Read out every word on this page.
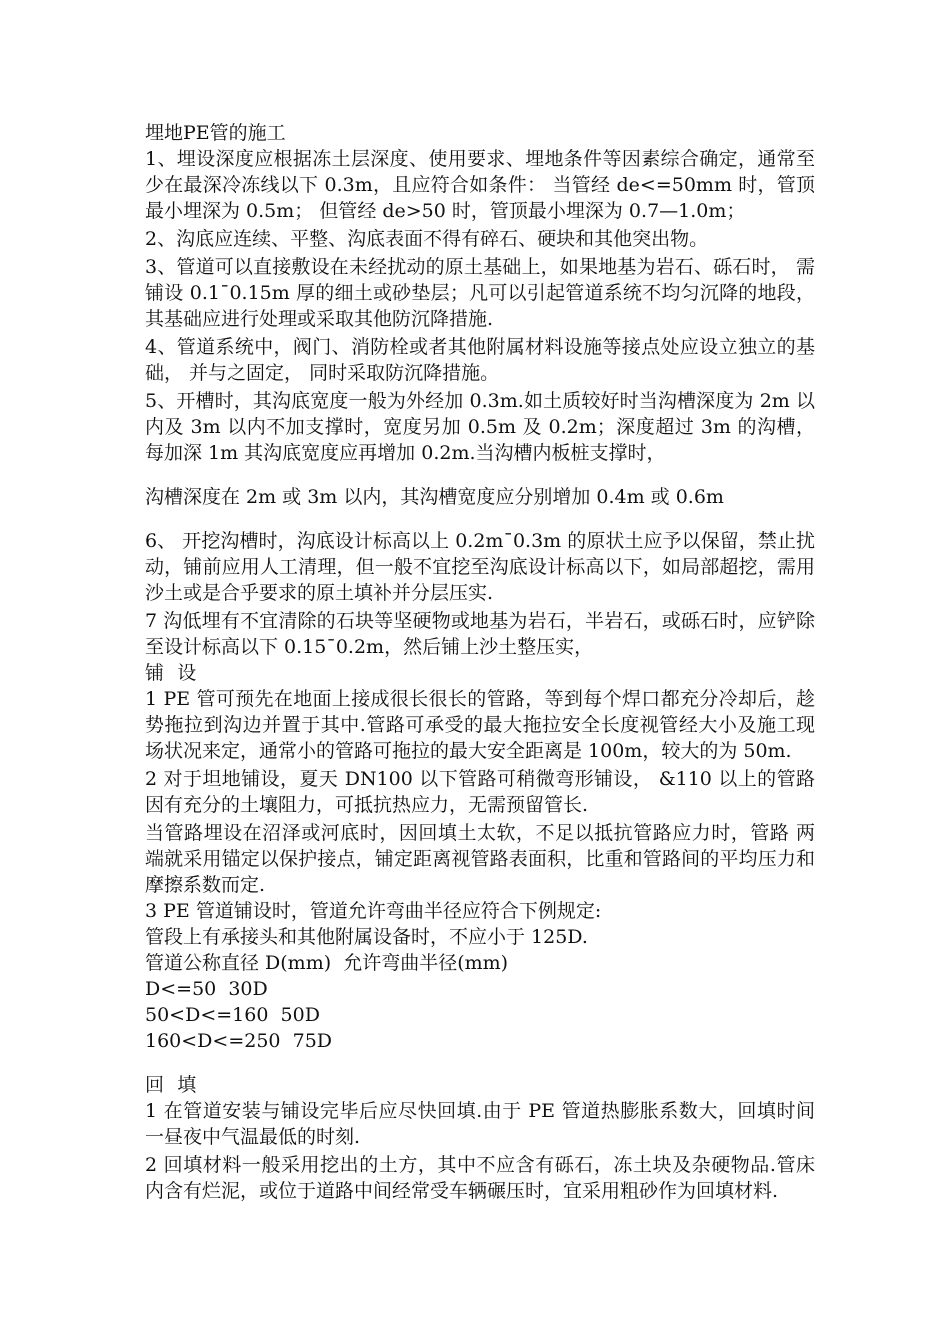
埋地PE管的施工

1、埋设深度应根据冻土层深度、使用要求、埋地条件等因素综合确定，通常至少在最深冷冻线以下 0.3m，且应符合如条件： 当管经 de<=50mm 时，管顶最小埋深为 0.5m； 但管经 de>50 时，管顶最小埋深为 0.7—1.0m；

2、沟底应连续、平整、沟底表面不得有碎石、硬块和其他突出物。

3、管道可以直接敷设在未经扰动的原土基础上，如果地基为岩石、砾石时， 需铺设 0.1¯0.15m 厚的细土或砂垫层；凡可以引起管道系统不均匀沉降的地段，其基础应进行处理或采取其他防沉降措施.

4、管道系统中，阀门、消防栓或者其他附属材料设施等接点处应设立独立的基础， 并与之固定， 同时采取防沉降措施。

5、开槽时，其沟底宽度一般为外经加 0.3m.如土质较好时当沟槽深度为 2m 以内及 3m 以内不加支撑时，宽度另加 0.5m 及 0.2m；深度超过 3m 的沟槽，每加深 1m 其沟底宽度应再增加 0.2m.当沟槽内板桩支撑时，

沟槽深度在 2m 或 3m 以内，其沟槽宽度应分别增加 0.4m 或 0.6m

6、 开挖沟槽时，沟底设计标高以上 0.2m¯0.3m 的原状土应予以保留，禁止扰动，铺前应用人工清理，但一般不宜挖至沟底设计标高以下，如局部超挖，需用沙土或是合乎要求的原土填补并分层压实.

7 沟低埋有不宜清除的石块等坚硬物或地基为岩石，半岩石，或砾石时，应铲除至设计标高以下 0.15¯0.2m，然后铺上沙土整压实，

铺设

1 PE 管可预先在地面上接成很长很长的管路，等到每个焊口都充分冷却后，趁势拖拉到沟边并置于其中.管路可承受的最大拖拉安全长度视管经大小及施工现场状况来定，通常小的管路可拖拉的最大安全距离是 100m，较大的为 50m.

2 对于坦地铺设，夏天 DN100 以下管路可稍微弯形铺设， &110 以上的管路因有充分的土壤阻力，可抵抗热应力，无需预留管长.

当管路埋设在沼泽或河底时，因回填土太软，不足以抵抗管路应力时，管路 两端就采用锚定以保护接点，铺定距离视管路表面积，比重和管路间的平均压力和摩擦系数而定.

3 PE 管道铺设时，管道允许弯曲半径应符合下例规定:

管段上有承接头和其他附属设备时，不应小于 125D.

管道公称直径 D(mm)  允许弯曲半径(mm)

D<=50  30D

50<D<=160  50D

160<D<=250  75D

回填

1 在管道安装与铺设完毕后应尽快回填.由于 PE 管道热膨胀系数大，回填时间一昼夜中气温最低的时刻.

2 回填材料一般采用挖出的土方，其中不应含有砾石，冻土块及杂硬物品.管床内含有烂泥，或位于道路中间经常受车辆碾压时，宜采用粗砂作为回填材料.
